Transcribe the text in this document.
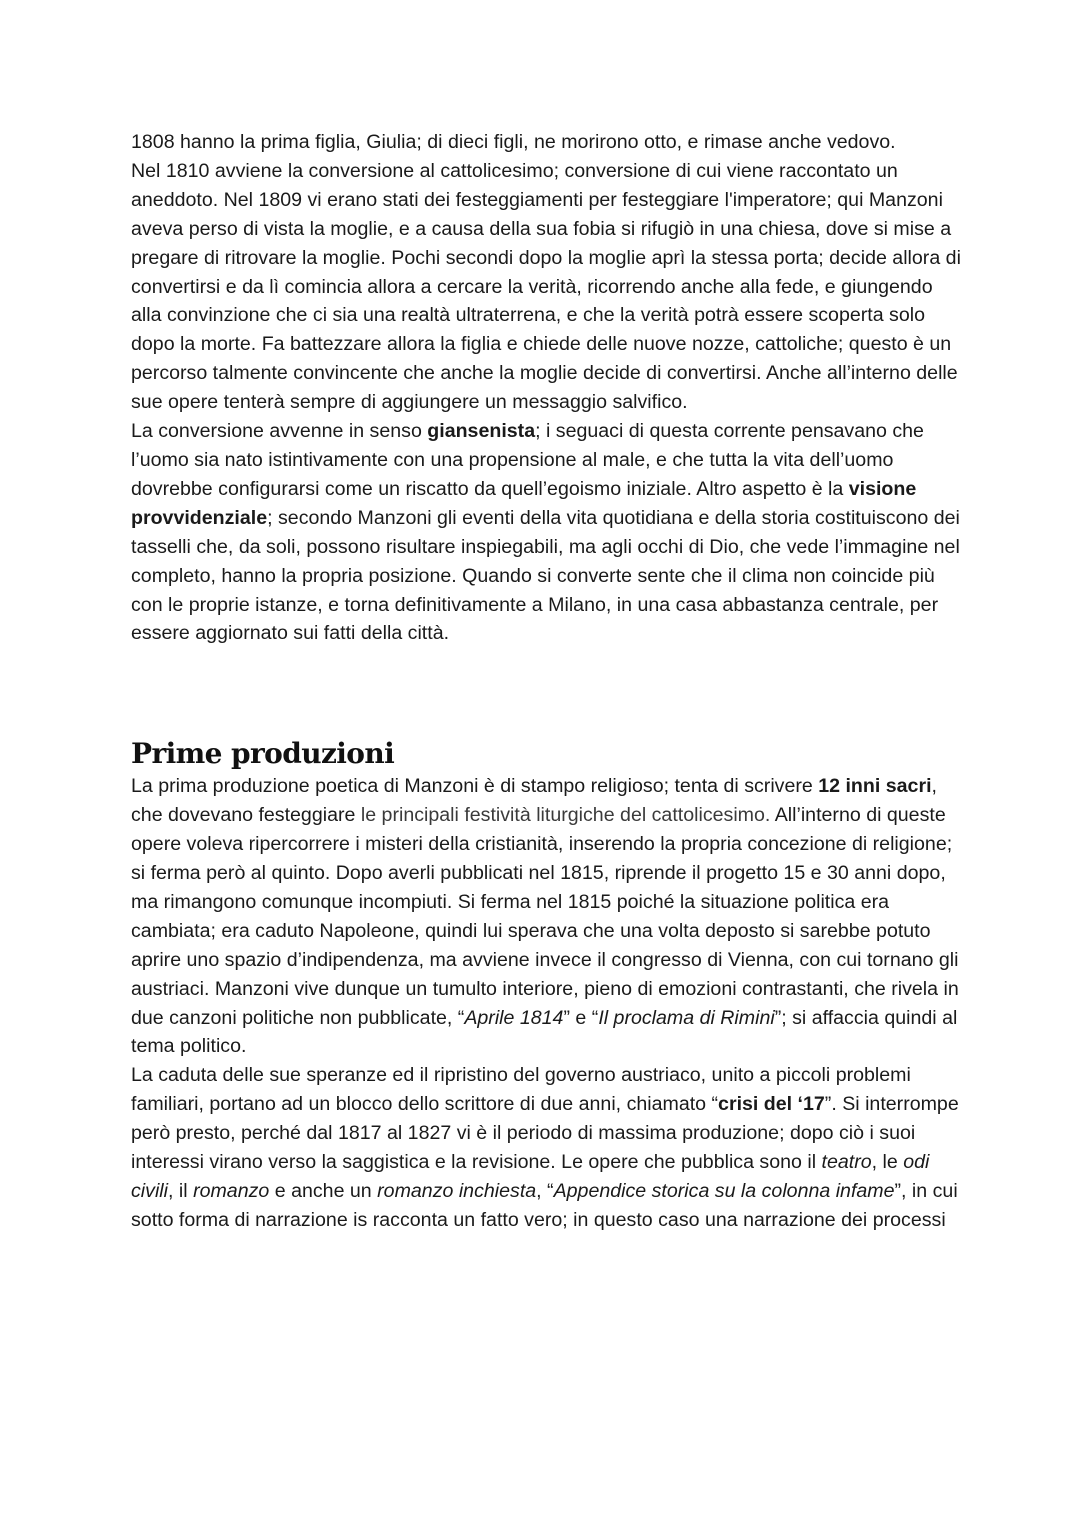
1808 hanno la prima figlia, Giulia; di dieci figli, ne morirono otto, e rimase anche vedovo.

Nel 1810 avviene la conversione al cattolicesimo; conversione di cui viene raccontato un aneddoto. Nel 1809 vi erano stati dei festeggiamenti per festeggiare l'imperatore; qui Manzoni aveva perso di vista la moglie, e a causa della sua fobia si rifugiò in una chiesa, dove si mise a pregare di ritrovare la moglie. Pochi secondi dopo la moglie aprì la stessa porta; decide allora di convertirsi e da lì comincia allora a cercare la verità, ricorrendo anche alla fede, e giungendo alla convinzione che ci sia una realtà ultraterrena, e che la verità potrà essere scoperta solo dopo la morte. Fa battezzare allora la figlia e chiede delle nuove nozze, cattoliche; questo è un percorso talmente convincente che anche la moglie decide di convertirsi. Anche all’interno delle sue opere tenterà sempre di aggiungere un messaggio salvifico.

La conversione avvenne in senso giansenista; i seguaci di questa corrente pensavano che l’uomo sia nato istintivamente con una propensione al male, e che tutta la vita dell’uomo dovrebbe configurarsi come un riscatto da quell’egoismo iniziale. Altro aspetto è la visione provvidenziale; secondo Manzoni gli eventi della vita quotidiana e della storia costituiscono dei tasselli che, da soli, possono risultare inspiegabili, ma agli occhi di Dio, che vede l’immagine nel completo, hanno la propria posizione. Quando si converte sente che il clima non coincide più con le proprie istanze, e torna definitivamente a Milano, in una casa abbastanza centrale, per essere aggiornato sui fatti della città.

Prime produzioni

La prima produzione poetica di Manzoni è di stampo religioso; tenta di scrivere 12 inni sacri, che dovevano festeggiare le principali festività liturgiche del cattolicesimo. All’interno di queste opere voleva ripercorrere i misteri della cristianità, inserendo la propria concezione di religione; si ferma però al quinto. Dopo averli pubblicati nel 1815, riprende il progetto 15 e 30 anni dopo, ma rimangono comunque incompiuti. Si ferma nel 1815 poiché la situazione politica era cambiata; era caduto Napoleone, quindi lui sperava che una volta deposto si sarebbe potuto aprire uno spazio d’indipendenza, ma avviene invece il congresso di Vienna, con cui tornano gli austriaci. Manzoni vive dunque un tumulto interiore, pieno di emozioni contrastanti, che rivela in due canzoni politiche non pubblicate, “Aprile 1814” e “Il proclama di Rimini”; si affaccia quindi al tema politico.

La caduta delle sue speranze ed il ripristino del governo austriaco, unito a piccoli problemi familiari, portano ad un blocco dello scrittore di due anni, chiamato “crisi del ‘17”. Si interrompe però presto, perché dal 1817 al 1827 vi è il periodo di massima produzione; dopo ciò i suoi interessi virano verso la saggistica e la revisione. Le opere che pubblica sono il teatro, le odi civili, il romanzo e anche un romanzo inchiesta, “Appendice storica su la colonna infame”, in cui sotto forma di narrazione is racconta un fatto vero; in questo caso una narrazione dei processi
